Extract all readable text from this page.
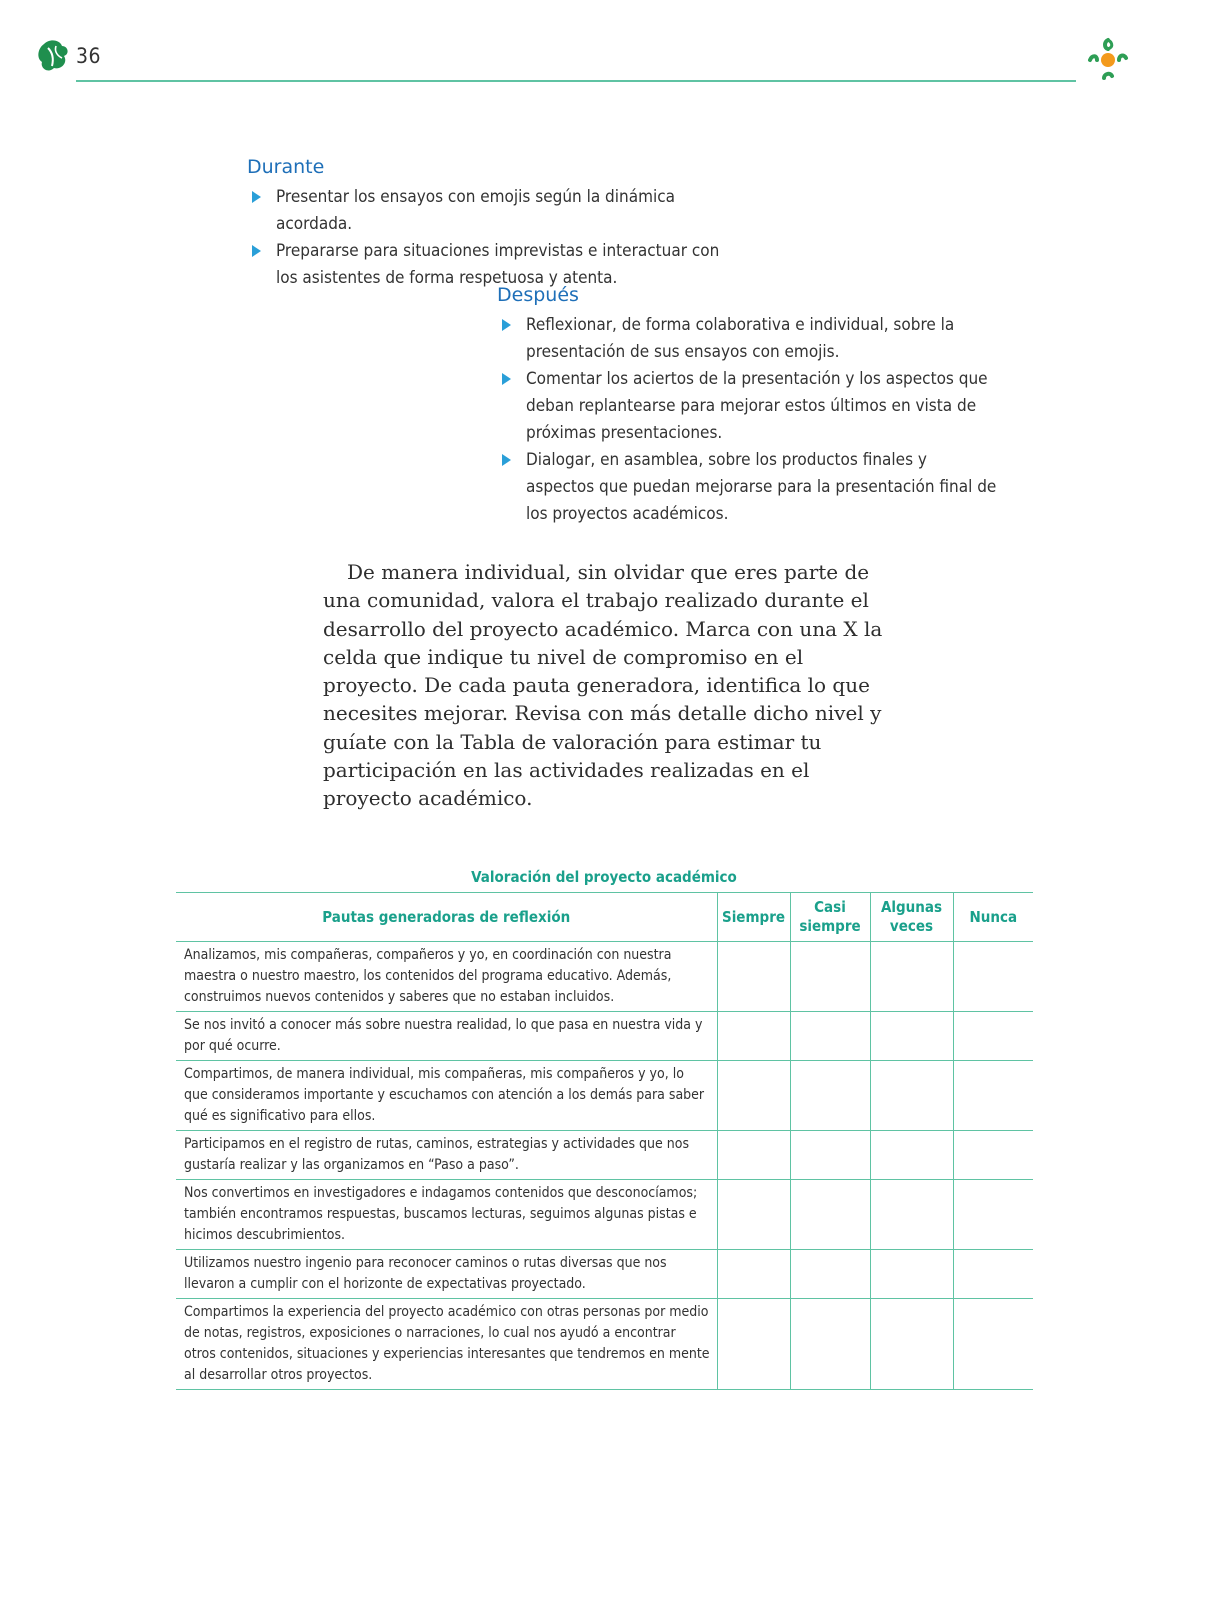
36
Durante
Presentar los ensayos con emojis según la dinámica acordada.
Prepararse para situaciones imprevistas e interactuar con los asistentes de forma respetuosa y atenta.
Después
Reflexionar, de forma colaborativa e individual, sobre la presentación de sus ensayos con emojis.
Comentar los aciertos de la presentación y los aspectos que deban replantearse para mejorar estos últimos en vista de próximas presentaciones.
Dialogar, en asamblea, sobre los productos finales y aspectos que puedan mejorarse para la presentación final de los proyectos académicos.

De manera individual, sin olvidar que eres parte de una comunidad, valora el trabajo realizado durante el desarrollo del proyecto académico. Marca con una X la celda que indique tu nivel de compromiso en el proyecto. De cada pauta generadora, identifica lo que necesites mejorar. Revisa con más detalle dicho nivel y guíate con la Tabla de valoración para estimar tu participación en las actividades realizadas en el proyecto académico.

Valoración del proyecto académico
Pautas generadoras de reflexión	Siempre	Casi siempre	Algunas veces	Nunca
Analizamos, mis compañeras, compañeros y yo, en coordinación con nuestra maestra o nuestro maestro, los contenidos del programa educativo. Además, construimos nuevos contenidos y saberes que no estaban incluidos.				
Se nos invitó a conocer más sobre nuestra realidad, lo que pasa en nuestra vida y por qué ocurre.				
Compartimos, de manera individual, mis compañeras, mis compañeros y yo, lo que consideramos importante y escuchamos con atención a los demás para saber qué es significativo para ellos.				
Participamos en el registro de rutas, caminos, estrategias y actividades que nos gustaría realizar y las organizamos en “Paso a paso”.				
Nos convertimos en investigadores e indagamos contenidos que desconocíamos; también encontramos respuestas, buscamos lecturas, seguimos algunas pistas e hicimos descubrimientos.				
Utilizamos nuestro ingenio para reconocer caminos o rutas diversas que nos llevaron a cumplir con el horizonte de expectativas proyectado.				
Compartimos la experiencia del proyecto académico con otras personas por medio de notas, registros, exposiciones o narraciones, lo cual nos ayudó a encontrar otros contenidos, situaciones y experiencias interesantes que tendremos en mente al desarrollar otros proyectos.				
